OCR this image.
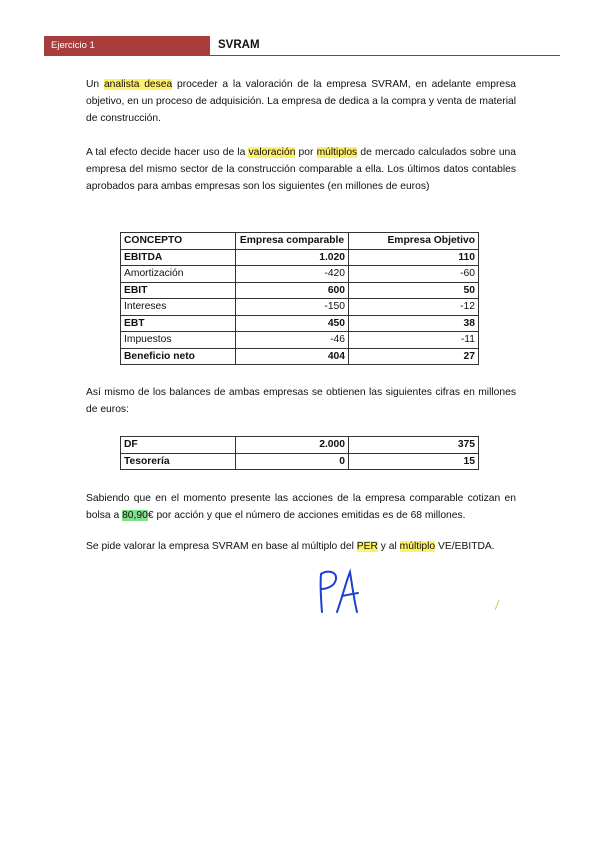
Ejercicio 1	SVRAM

Un analista desea proceder a la valoración de la empresa SVRAM, en adelante empresa objetivo, en un proceso de adquisición. La empresa de dedica a la compra y venta de material de construcción.

A tal efecto decide hacer uso de la valoración por múltiplos de mercado calculados sobre una empresa del mismo sector de la construcción comparable a ella. Los últimos datos contables aprobados para ambas empresas son los siguientes (en millones de euros)

CONCEPTO	Empresa comparable	Empresa Objetivo
EBITDA	1.020	110
Amortización	-420	-60
EBIT	600	50
Intereses	-150	-12
EBT	450	38
Impuestos	-46	-11
Beneficio neto	404	27

Así mismo de los balances de ambas empresas se obtienen las siguientes cifras en millones de euros:

DF	2.000	375
Tesorería	0	15

Sabiendo que en el momento presente las acciones de la empresa comparable cotizan en bolsa a 80,90€ por acción y que el número de acciones emitidas es de 68 millones.

Se pide valorar la empresa SVRAM en base al múltiplo del PER y al múltiplo VE/EBITDA.
